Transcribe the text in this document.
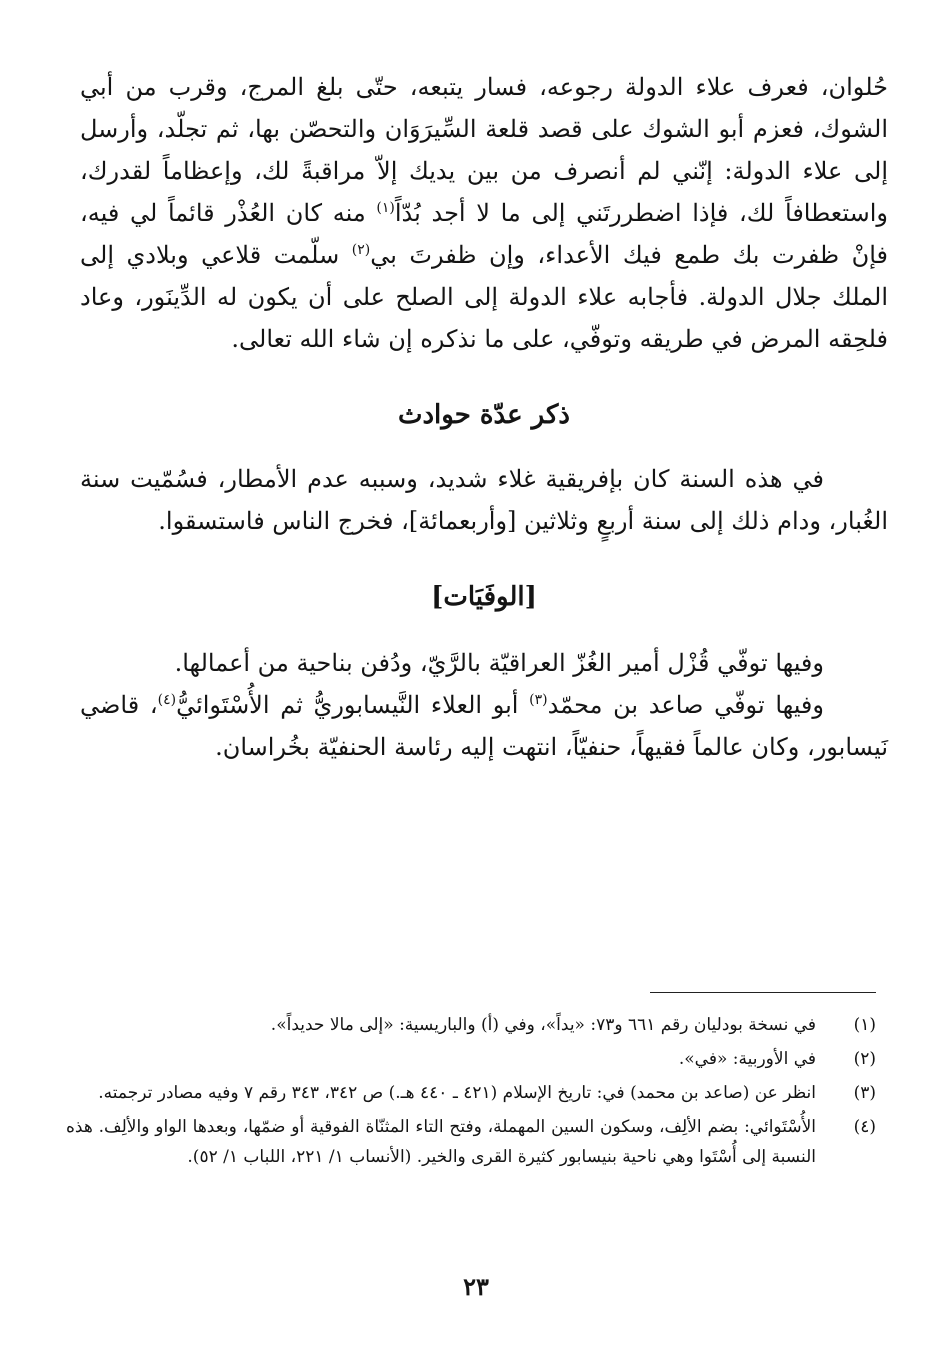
حُلوان، فعرف علاء الدولة رجوعه، فسار يتبعه، حتّى بلغ المرج، وقرب من أبي الشوك، فعزم أبو الشوك على قصد قلعة السِّيرَوَان والتحصّن بها، ثم تجلّد، وأرسل إلى علاء الدولة: إنّني لم أنصرف من بين يديك إلاّ مراقبةً لك، وإعظاماً لقدرك، واستعطافاً لك، فإذا اضطررتَني إلى ما لا أجد بُدّاً$^{(١)}$ منه كان العُذْر قائماً لي فيه، فإنْ ظفرت بك طمع فيك الأعداء، وإن ظفرتَ بي$^{(٢)}$ سلّمت قلاعي وبلادي إلى الملك جلال الدولة. فأجابه علاء الدولة إلى الصلح على أن يكون له الدِّينَور، وعاد فلحِقه المرض في طريقه وتوفّي، على ما نذكره إن شاء الله تعالى.

ذكر عدّة حوادث

في هذه السنة كان بإفريقية غلاء شديد، وسببه عدم الأمطار، فسُمّيت سنة الغُبار، ودام ذلك إلى سنة أربعٍ وثلاثين [وأربعمائة]، فخرج الناس فاستسقوا.

[الوفَيَات]

وفيها توفّي قُزْل أمير الغُزّ العراقيّة بالرَّيّ، ودُفن بناحية من أعمالها.

وفيها توفّي صاعد بن محمّد$^{(٣)}$ أبو العلاء النَّيسابوريُّ ثم الأُسْتَوائيُّ$^{(٤)}$، قاضي نَيسابور، وكان عالماً فقيهاً، حنفيّاً، انتهت إليه رئاسة الحنفيّة بخُراسان.

(١)
في نسخة بودليان رقم ٦٦١ و٧٣: «يداً»، وفي (أ) والباريسية: «إلى مالا حديداً».
(٢)
في الأوربية: «في».
(٣)
انظر عن (صاعد بن محمد) في: تاريخ الإسلام (٤٢١ ـ ٤٤٠ هـ.) ص ٣٤٢، ٣٤٣ رقم ٧ وفيه مصادر ترجمته.
(٤)
الأُسْتَوائي: بضم الألِف، وسكون السين المهملة، وفتح التاء المثنّاة الفوقية أو ضمّها، وبعدها الواو والألِف. هذه النسبة إلى أُسْتَوا وهي ناحية بنيسابور كثيرة القرى والخير. (الأنساب ١/ ٢٢١، اللباب ١/ ٥٢).
٢٣
